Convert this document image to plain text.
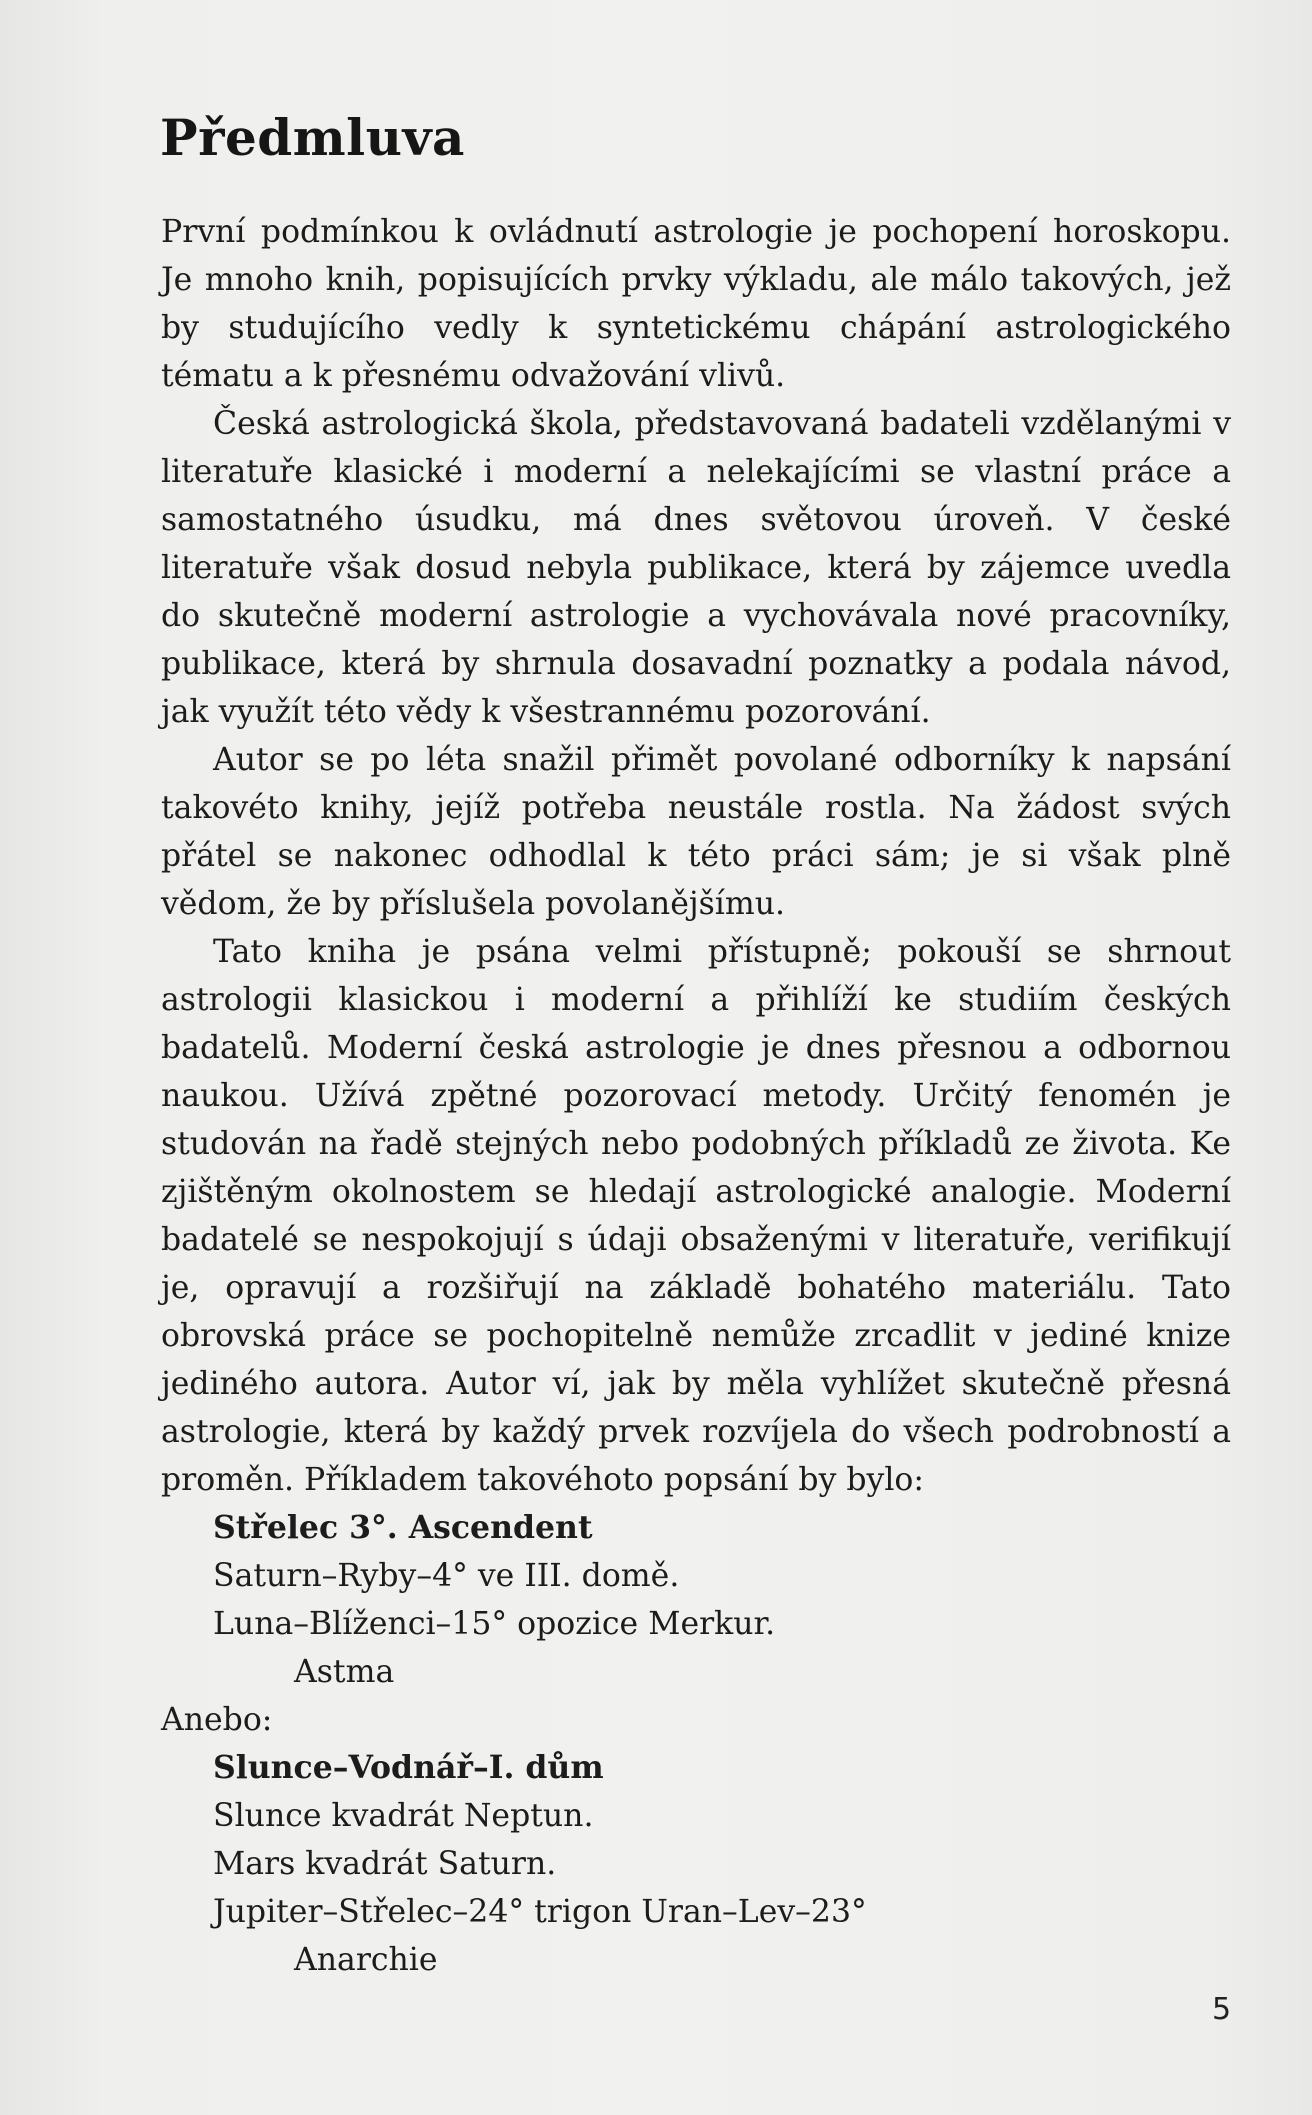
Předmluva

První podmínkou k ovládnutí astrologie je pochopení horoskopu. Je mnoho knih, popisujících prvky výkladu, ale málo takových, jež by studujícího vedly k syntetickému chápání astrologického tématu a k přesnému odvažování vlivů.

Česká astrologická škola, představovaná badateli vzdělanými v literatuře klasické i moderní a nelekajícími se vlastní práce a samostatného úsudku, má dnes světovou úroveň. V české literatuře však dosud nebyla publikace, která by zájemce uvedla do skutečně moderní astrologie a vychovávala nové pracovníky, publikace, která by shrnula dosavadní poznatky a podala návod, jak využít této vědy k všestrannému pozorování.

Autor se po léta snažil přimět povolané odborníky k napsání takovéto knihy, jejíž potřeba neustále rostla. Na žádost svých přátel se nakonec odhodlal k této práci sám; je si však plně vědom, že by příslušela povolanějšímu.

Tato kniha je psána velmi přístupně; pokouší se shrnout astrologii klasickou i moderní a přihlíží ke studiím českých badatelů. Moderní česká astrologie je dnes přesnou a odbornou naukou. Užívá zpětné pozorovací metody. Určitý fenomén je studován na řadě stejných nebo podobných příkladů ze života. Ke zjištěným okolnostem se hledají astrologické analogie. Moderní badatelé se nespokojují s údaji obsaženými v literatuře, verifikují je, opravují a rozšiřují na základě bohatého materiálu. Tato obrovská práce se pochopitelně nemůže zrcadlit v jediné knize jediného autora. Autor ví, jak by měla vyhlížet skutečně přesná astrologie, která by každý prvek rozvíjela do všech podrobností a proměn. Příkladem takovéhoto popsání by bylo:

Střelec 3°. Ascendent
Saturn–Ryby–4° ve III. domě.
Luna–Blíženci–15° opozice Merkur.
Astma
Anebo:
Slunce–Vodnář–I. dům
Slunce kvadrát Neptun.
Mars kvadrát Saturn.
Jupiter–Střelec–24° trigon Uran–Lev–23°
Anarchie
5
